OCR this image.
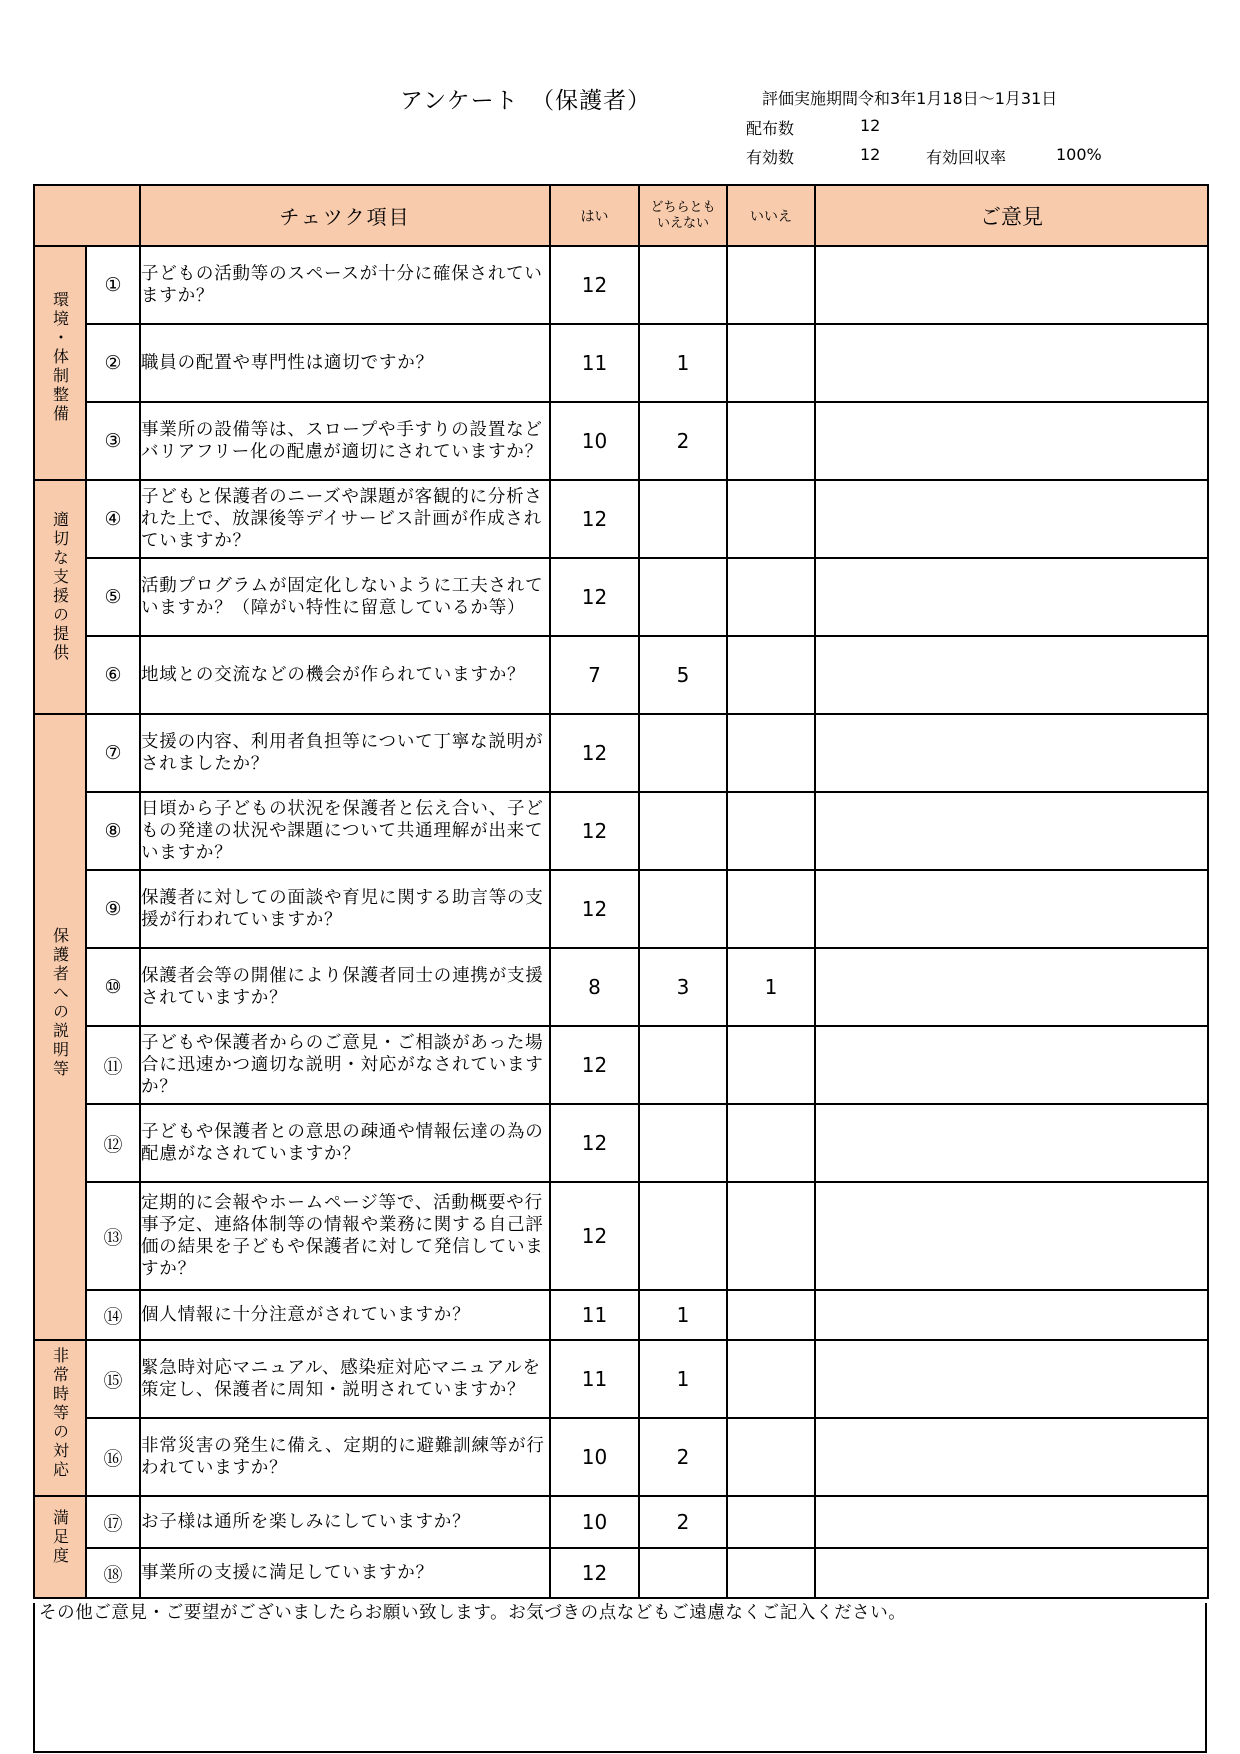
アンケート　（保護者）	評価実施期間令和3年1月18日～1月31日
配布数	12
有効数	12	有効回収率	100%
		チェツク項目	はい	どちらとも
いえない	いいえ	ご意見
環境・体制整備	①	子どもの活動等のスペースが十分に確保されていますか？	12			
	②	職員の配置や専門性は適切ですか？	11	1		
	③	事業所の設備等は、スロープや手すりの設置などバリアフリー化の配慮が適切にされていますか？	10	2		
適切な支援の提供	④	子どもと保護者のニーズや課題が客観的に分析された上で、放課後等デイサービス計画が作成されていますか？	12			
	⑤	活動プログラムが固定化しないように工夫されていますか？（障がい特性に留意しているか等）	12			
	⑥	地域との交流などの機会が作られていますか？	7	5		
保護者への説明等	⑦	支援の内容、利用者負担等について丁寧な説明がされましたか？	12			
	⑧	日頃から子どもの状況を保護者と伝え合い、子どもの発達の状況や課題について共通理解が出来ていますか？	12			
	⑨	保護者に対しての面談や育児に関する助言等の支援が行われていますか？	12			
	⑩	保護者会等の開催により保護者同士の連携が支援されていますか？	8	3	1	
	⑪	子どもや保護者からのご意見・ご相談があった場合に迅速かつ適切な説明・対応がなされていますか？	12			
	⑫	子どもや保護者との意思の疎通や情報伝達の為の配慮がなされていますか？	12			
	⑬	定期的に会報やホームページ等で、活動概要や行事予定、連絡体制等の情報や業務に関する自己評価の結果を子どもや保護者に対して発信していますか？	12			
	⑭	個人情報に十分注意がされていますか？	11	1		
非常時等の対応	⑮	緊急時対応マニュアル、感染症対応マニュアルを策定し、保護者に周知・説明されていますか？	11	1		
	⑯	非常災害の発生に備え、定期的に避難訓練等が行われていますか？	10	2		
満足度	⑰	お子様は通所を楽しみにしていますか？	10	2		
	⑱	事業所の支援に満足していますか？	12			
その他ご意見・ご要望がございましたらお願い致します。お気づきの点などもご遠慮なくご記入ください。
